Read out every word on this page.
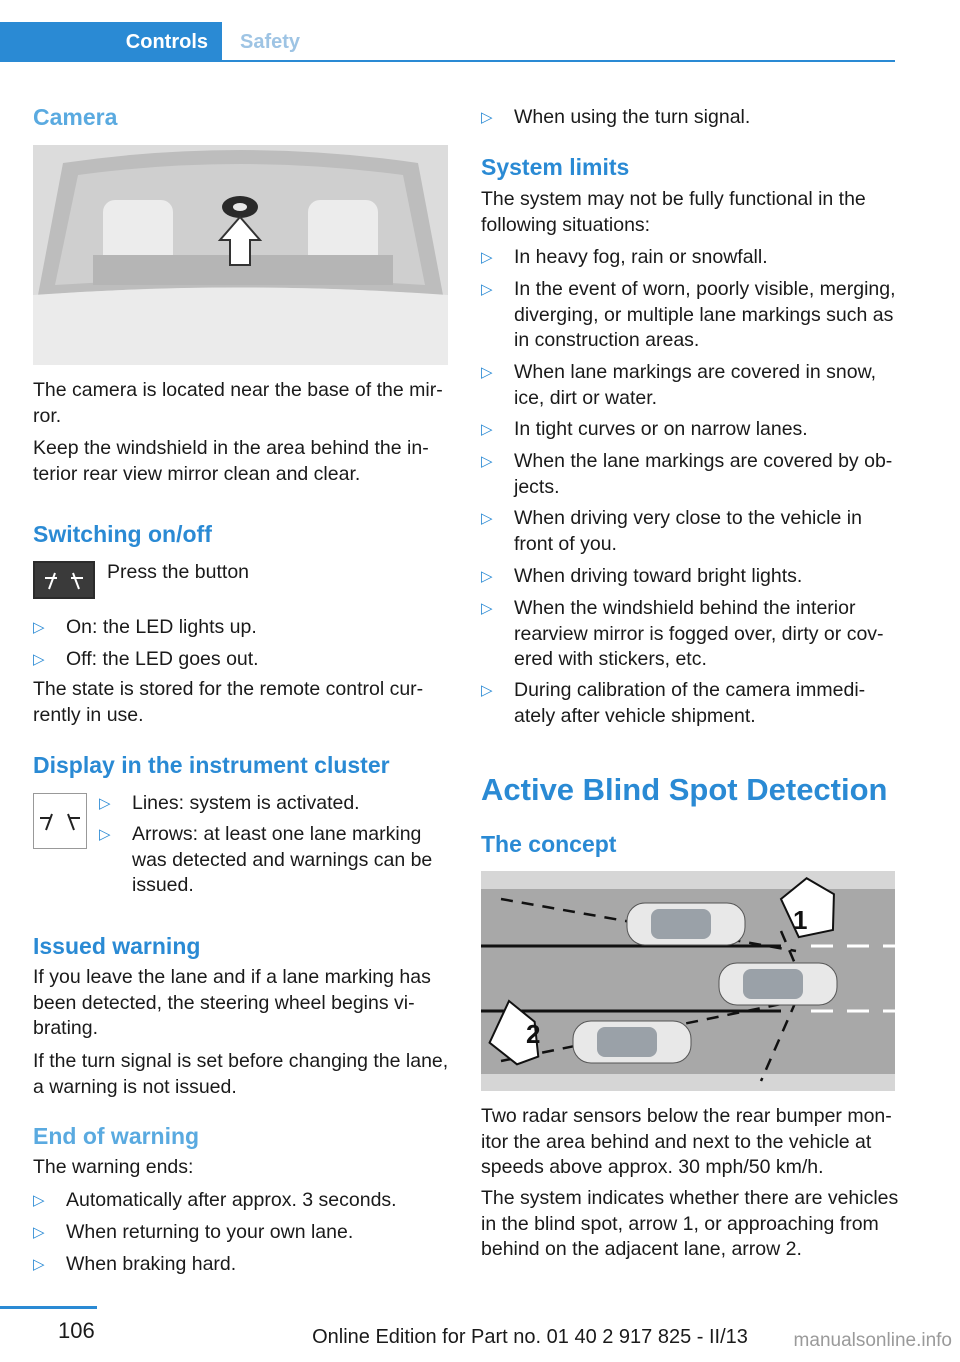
Controls	Safety
Camera
The camera is located near the base of the mir-ror.
Keep the windshield in the area behind the in-terior rear view mirror clean and clear.
Switching on/off
Press the button
▷ On: the LED lights up.
▷ Off: the LED goes out.
The state is stored for the remote control cur-rently in use.
Display in the instrument cluster
▷ Lines: system is activated.
▷ Arrows: at least one lane marking was detected and warnings can be issued.
Issued warning
If you leave the lane and if a lane marking has been detected, the steering wheel begins vi-brating.
If the turn signal is set before changing the lane, a warning is not issued.
End of warning
The warning ends:
▷ Automatically after approx. 3 seconds.
▷ When returning to your own lane.
▷ When braking hard.
▷ When using the turn signal.
System limits
The system may not be fully functional in the following situations:
▷ In heavy fog, rain or snowfall.
▷ In the event of worn, poorly visible, merging, diverging, or multiple lane markings such as in construction areas.
▷ When lane markings are covered in snow, ice, dirt or water.
▷ In tight curves or on narrow lanes.
▷ When the lane markings are covered by ob-jects.
▷ When driving very close to the vehicle in front of you.
▷ When driving toward bright lights.
▷ When the windshield behind the interior rearview mirror is fogged over, dirty or cov-ered with stickers, etc.
▷ During calibration of the camera immedi-ately after vehicle shipment.
Active Blind Spot Detection
The concept
1
2
Two radar sensors below the rear bumper mon-itor the area behind and next to the vehicle at speeds above approx. 30 mph/50 km/h.
The system indicates whether there are vehicles in the blind spot, arrow 1, or approaching from behind on the adjacent lane, arrow 2.
106	Online Edition for Part no. 01 40 2 917 825 - II/13	manualsonline.info
